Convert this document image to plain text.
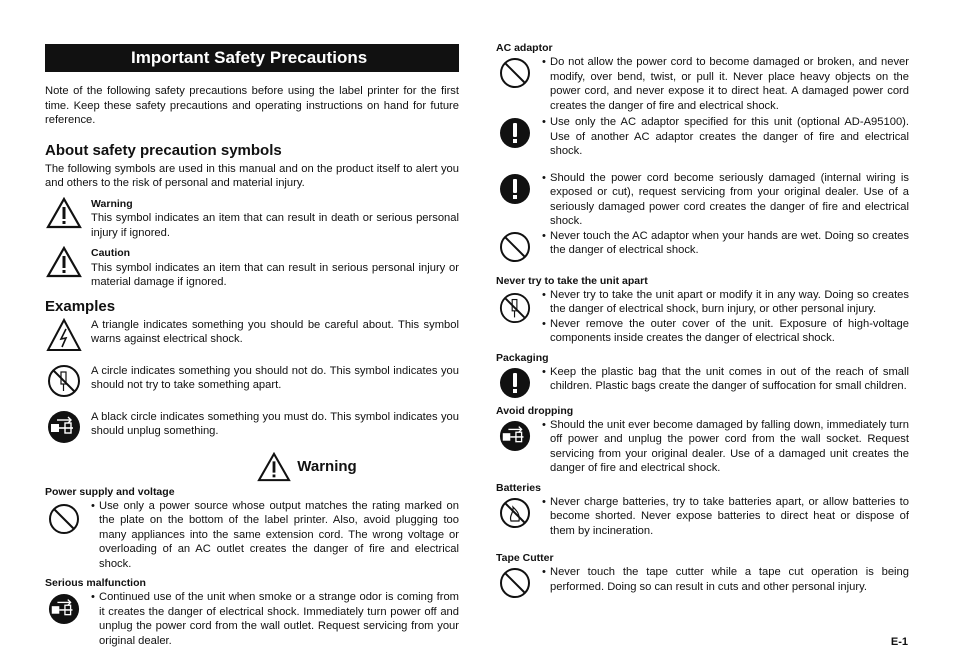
Important Safety Precautions

Note of the following safety precautions before using the label printer for the first time. Keep these safety precautions and operating instructions on hand for future reference.

About safety precaution symbols

The following symbols are used in this manual and on the product itself to alert you and others to the risk of personal and material injury.

Warning
This symbol indicates an item that can result in death or serious personal injury if ignored.
Caution
This symbol indicates an item that can result in serious personal injury or material damage if ignored.
Examples
A triangle indicates something you should be careful about. This symbol warns against electrical shock.
A circle indicates something you should not do. This symbol indicates you should not try to take something apart.
A black circle indicates something you must do. This symbol indicates you should unplug something.
Warning
Power supply and voltage
• Use only a power source whose output matches the rating marked on the plate on the bottom of the label printer. Also, avoid plugging too many appliances into the same extension cord. The wrong voltage or overloading of an AC outlet creates the danger of fire and electrical shock.
Serious malfunction
• Continued use of the unit when smoke or a strange odor is coming from it creates the danger of electrical shock. Immediately turn power off and unplug the power cord from the wall outlet. Request servicing from your original dealer.
AC adaptor
• Do not allow the power cord to become damaged or broken, and never modify, over bend, twist, or pull it. Never place heavy objects on the power cord, and never expose it to direct heat. A damaged power cord creates the danger of fire and electrical shock.
• Use only the AC adaptor specified for this unit (optional AD-A95100). Use of another AC adaptor creates the danger of fire and electrical shock.
• Should the power cord become seriously damaged (internal wiring is exposed or cut), request servicing from your original dealer. Use of a seriously damaged power cord creates the danger of fire and electrical shock.
• Never touch the AC adaptor when your hands are wet. Doing so creates the danger of electrical shock.
Never try to take the unit apart
• Never try to take the unit apart or modify it in any way. Doing so creates the danger of electrical shock, burn injury, or other personal injury.
• Never remove the outer cover of the unit. Exposure of high-voltage components inside creates the danger of electrical shock.
Packaging
• Keep the plastic bag that the unit comes in out of the reach of small children. Plastic bags create the danger of suffocation for small children.
Avoid dropping
• Should the unit ever become damaged by falling down, immediately turn off power and unplug the power cord from the wall socket. Request servicing from your original dealer. Use of a damaged unit creates the danger of fire and electrical shock.
Batteries
• Never charge batteries, try to take batteries apart, or allow batteries to become shorted. Never expose batteries to direct heat or dispose of them by incineration.
Tape Cutter
• Never touch the tape cutter while a tape cut operation is being performed. Doing so can result in cuts and other personal injury.
E-1
